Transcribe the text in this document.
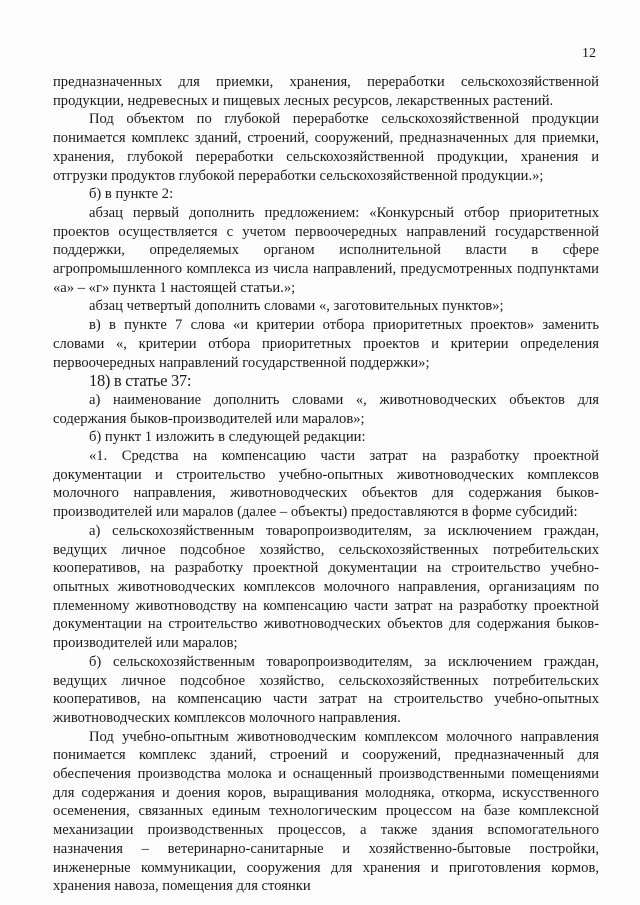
12

предназначенных для приемки, хранения, переработки сельскохозяйственной продукции, недревесных и пищевых лесных ресурсов, лекарственных растений.

Под объектом по глубокой переработке сельскохозяйственной продукции понимается комплекс зданий, строений, сооружений, предназначенных для приемки, хранения, глубокой переработки сельскохозяйственной продукции, хранения и отгрузки продуктов глубокой переработки сельскохозяйственной продукции.»;

б) в пункте 2:

абзац первый дополнить предложением: «Конкурсный отбор приоритетных проектов осуществляется с учетом первоочередных направлений государственной поддержки, определяемых органом исполнительной власти в сфере агропромышленного комплекса из числа направлений, предусмотренных подпунктами «а» – «г» пункта 1 настоящей статьи.»;

абзац четвертый дополнить словами «, заготовительных пунктов»;

в) в пункте 7 слова «и критерии отбора приоритетных проектов» заменить словами «, критерии отбора приоритетных проектов и критерии определения первоочередных направлений государственной поддержки»;

18) в статье 37:

а) наименование дополнить словами «, животноводческих объектов для содержания быков-производителей или маралов»;

б) пункт 1 изложить в следующей редакции:

«1. Средства на компенсацию части затрат на разработку проектной документации и строительство учебно-опытных животноводческих комплексов молочного направления, животноводческих объектов для содержания быков-производителей или маралов (далее – объекты) предоставляются в форме субсидий:

а) сельскохозяйственным товаропроизводителям, за исключением граждан, ведущих личное подсобное хозяйство, сельскохозяйственных потребительских кооперативов, на разработку проектной документации на строительство учебно-опытных животноводческих комплексов молочного направления, организациям по племенному животноводству на компенсацию части затрат на разработку проектной документации на строительство животноводческих объектов для содержания быков-производителей или маралов;

б) сельскохозяйственным товаропроизводителям, за исключением граждан, ведущих личное подсобное хозяйство, сельскохозяйственных потребительских кооперативов, на компенсацию части затрат на строительство учебно-опытных животноводческих комплексов молочного направления.

Под учебно-опытным животноводческим комплексом молочного направления понимается комплекс зданий, строений и сооружений, предназначенный для обеспечения производства молока и оснащенный производственными помещениями для содержания и доения коров, выращивания молодняка, откорма, искусственного осеменения, связанных единым технологическим процессом на базе комплексной механизации производственных процессов, а также здания вспомогательного назначения – ветеринарно-санитарные и хозяйственно-бытовые постройки, инженерные коммуникации, сооружения для хранения и приготовления кормов, хранения навоза, помещения для стоянки
